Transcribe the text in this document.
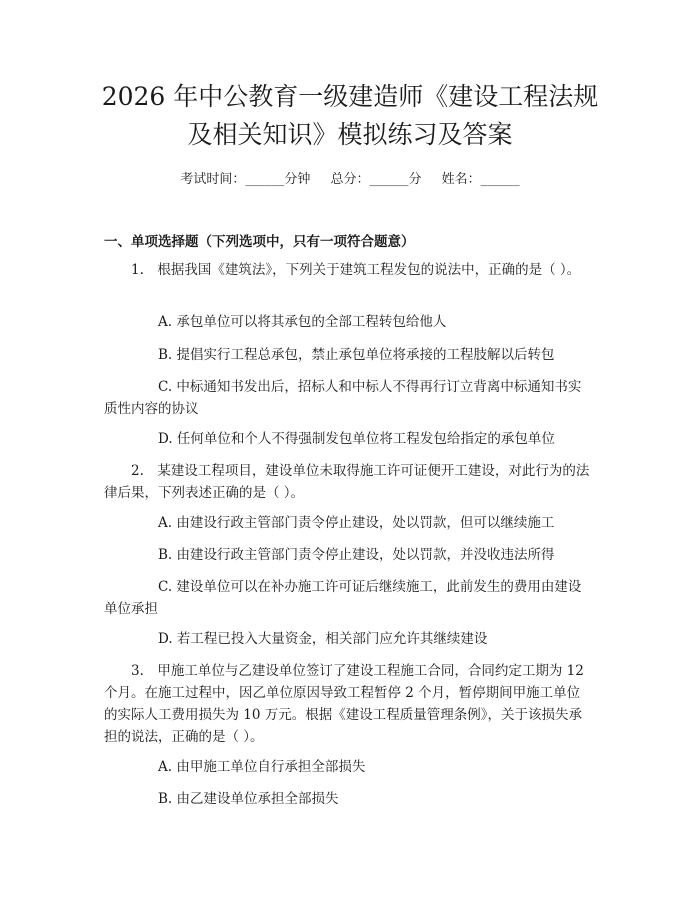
2026 年中公教育一级建造师《建设工程法规
及相关知识》模拟练习及答案
考试时间：______分钟 总分：______分 姓名：______
一、单项选择题（下列选项中，只有一项符合题意）
1.　根据我国《建筑法》，下列关于建筑工程发包的说法中，正确的是（ ）。
A. 承包单位可以将其承包的全部工程转包给他人
B. 提倡实行工程总承包，禁止承包单位将承接的工程肢解以后转包
C. 中标通知书发出后，招标人和中标人不得再行订立背离中标通知书实质性内容的协议
D. 任何单位和个人不得强制发包单位将工程发包给指定的承包单位
2.　某建设工程项目，建设单位未取得施工许可证便开工建设，对此行为的法律后果，下列表述正确的是（ ）。
A. 由建设行政主管部门责令停止建设，处以罚款，但可以继续施工
B. 由建设行政主管部门责令停止建设，处以罚款，并没收违法所得
C. 建设单位可以在补办施工许可证后继续施工，此前发生的费用由建设单位承担
D. 若工程已投入大量资金，相关部门应允许其继续建设
3.　甲施工单位与乙建设单位签订了建设工程施工合同，合同约定工期为 12 个月。在施工过程中，因乙单位原因导致工程暂停 2 个月，暂停期间甲施工单位的实际人工费用损失为 10 万元。根据《建设工程质量管理条例》，关于该损失承担的说法，正确的是（ ）。
A. 由甲施工单位自行承担全部损失
B. 由乙建设单位承担全部损失
